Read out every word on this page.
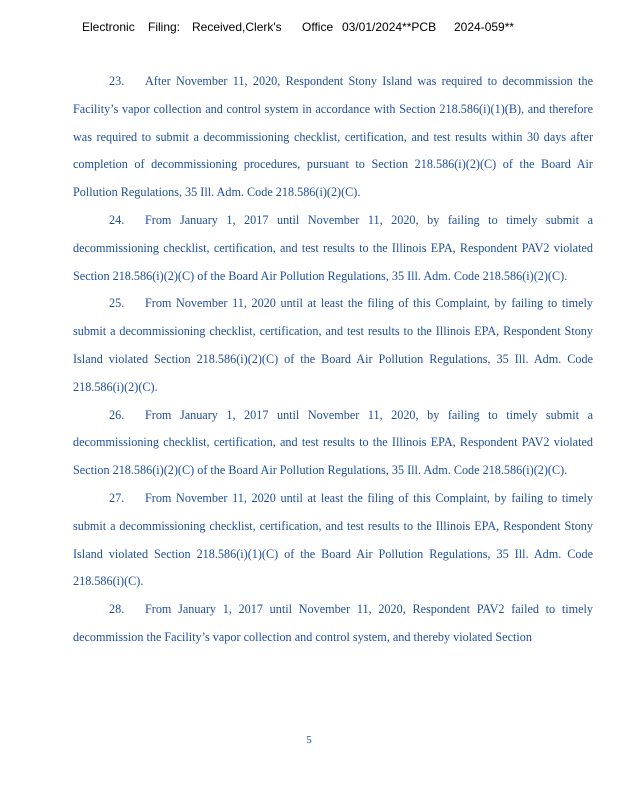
Electronic Filing: Received,Clerk's Office 03/01/2024**PCB 2024-059**

23. After November 11, 2020, Respondent Stony Island was required to decommission the Facility’s vapor collection and control system in accordance with Section 218.586(i)(1)(B), and therefore was required to submit a decommissioning checklist, certification, and test results within 30 days after completion of decommissioning procedures, pursuant to Section 218.586(i)(2)(C) of the Board Air Pollution Regulations, 35 Ill. Adm. Code 218.586(i)(2)(C).

24. From January 1, 2017 until November 11, 2020, by failing to timely submit a decommissioning checklist, certification, and test results to the Illinois EPA, Respondent PAV2 violated Section 218.586(i)(2)(C) of the Board Air Pollution Regulations, 35 Ill. Adm. Code 218.586(i)(2)(C).

25. From November 11, 2020 until at least the filing of this Complaint, by failing to timely submit a decommissioning checklist, certification, and test results to the Illinois EPA, Respondent Stony Island violated Section 218.586(i)(2)(C) of the Board Air Pollution Regulations, 35 Ill. Adm. Code 218.586(i)(2)(C).

26. From January 1, 2017 until November 11, 2020, by failing to timely submit a decommissioning checklist, certification, and test results to the Illinois EPA, Respondent PAV2 violated Section 218.586(i)(2)(C) of the Board Air Pollution Regulations, 35 Ill. Adm. Code 218.586(i)(2)(C).

27. From November 11, 2020 until at least the filing of this Complaint, by failing to timely submit a decommissioning checklist, certification, and test results to the Illinois EPA, Respondent Stony Island violated Section 218.586(i)(1)(C) of the Board Air Pollution Regulations, 35 Ill. Adm. Code 218.586(i)(C).

28. From January 1, 2017 until November 11, 2020, Respondent PAV2 failed to timely decommission the Facility’s vapor collection and control system, and thereby violated Section

5
